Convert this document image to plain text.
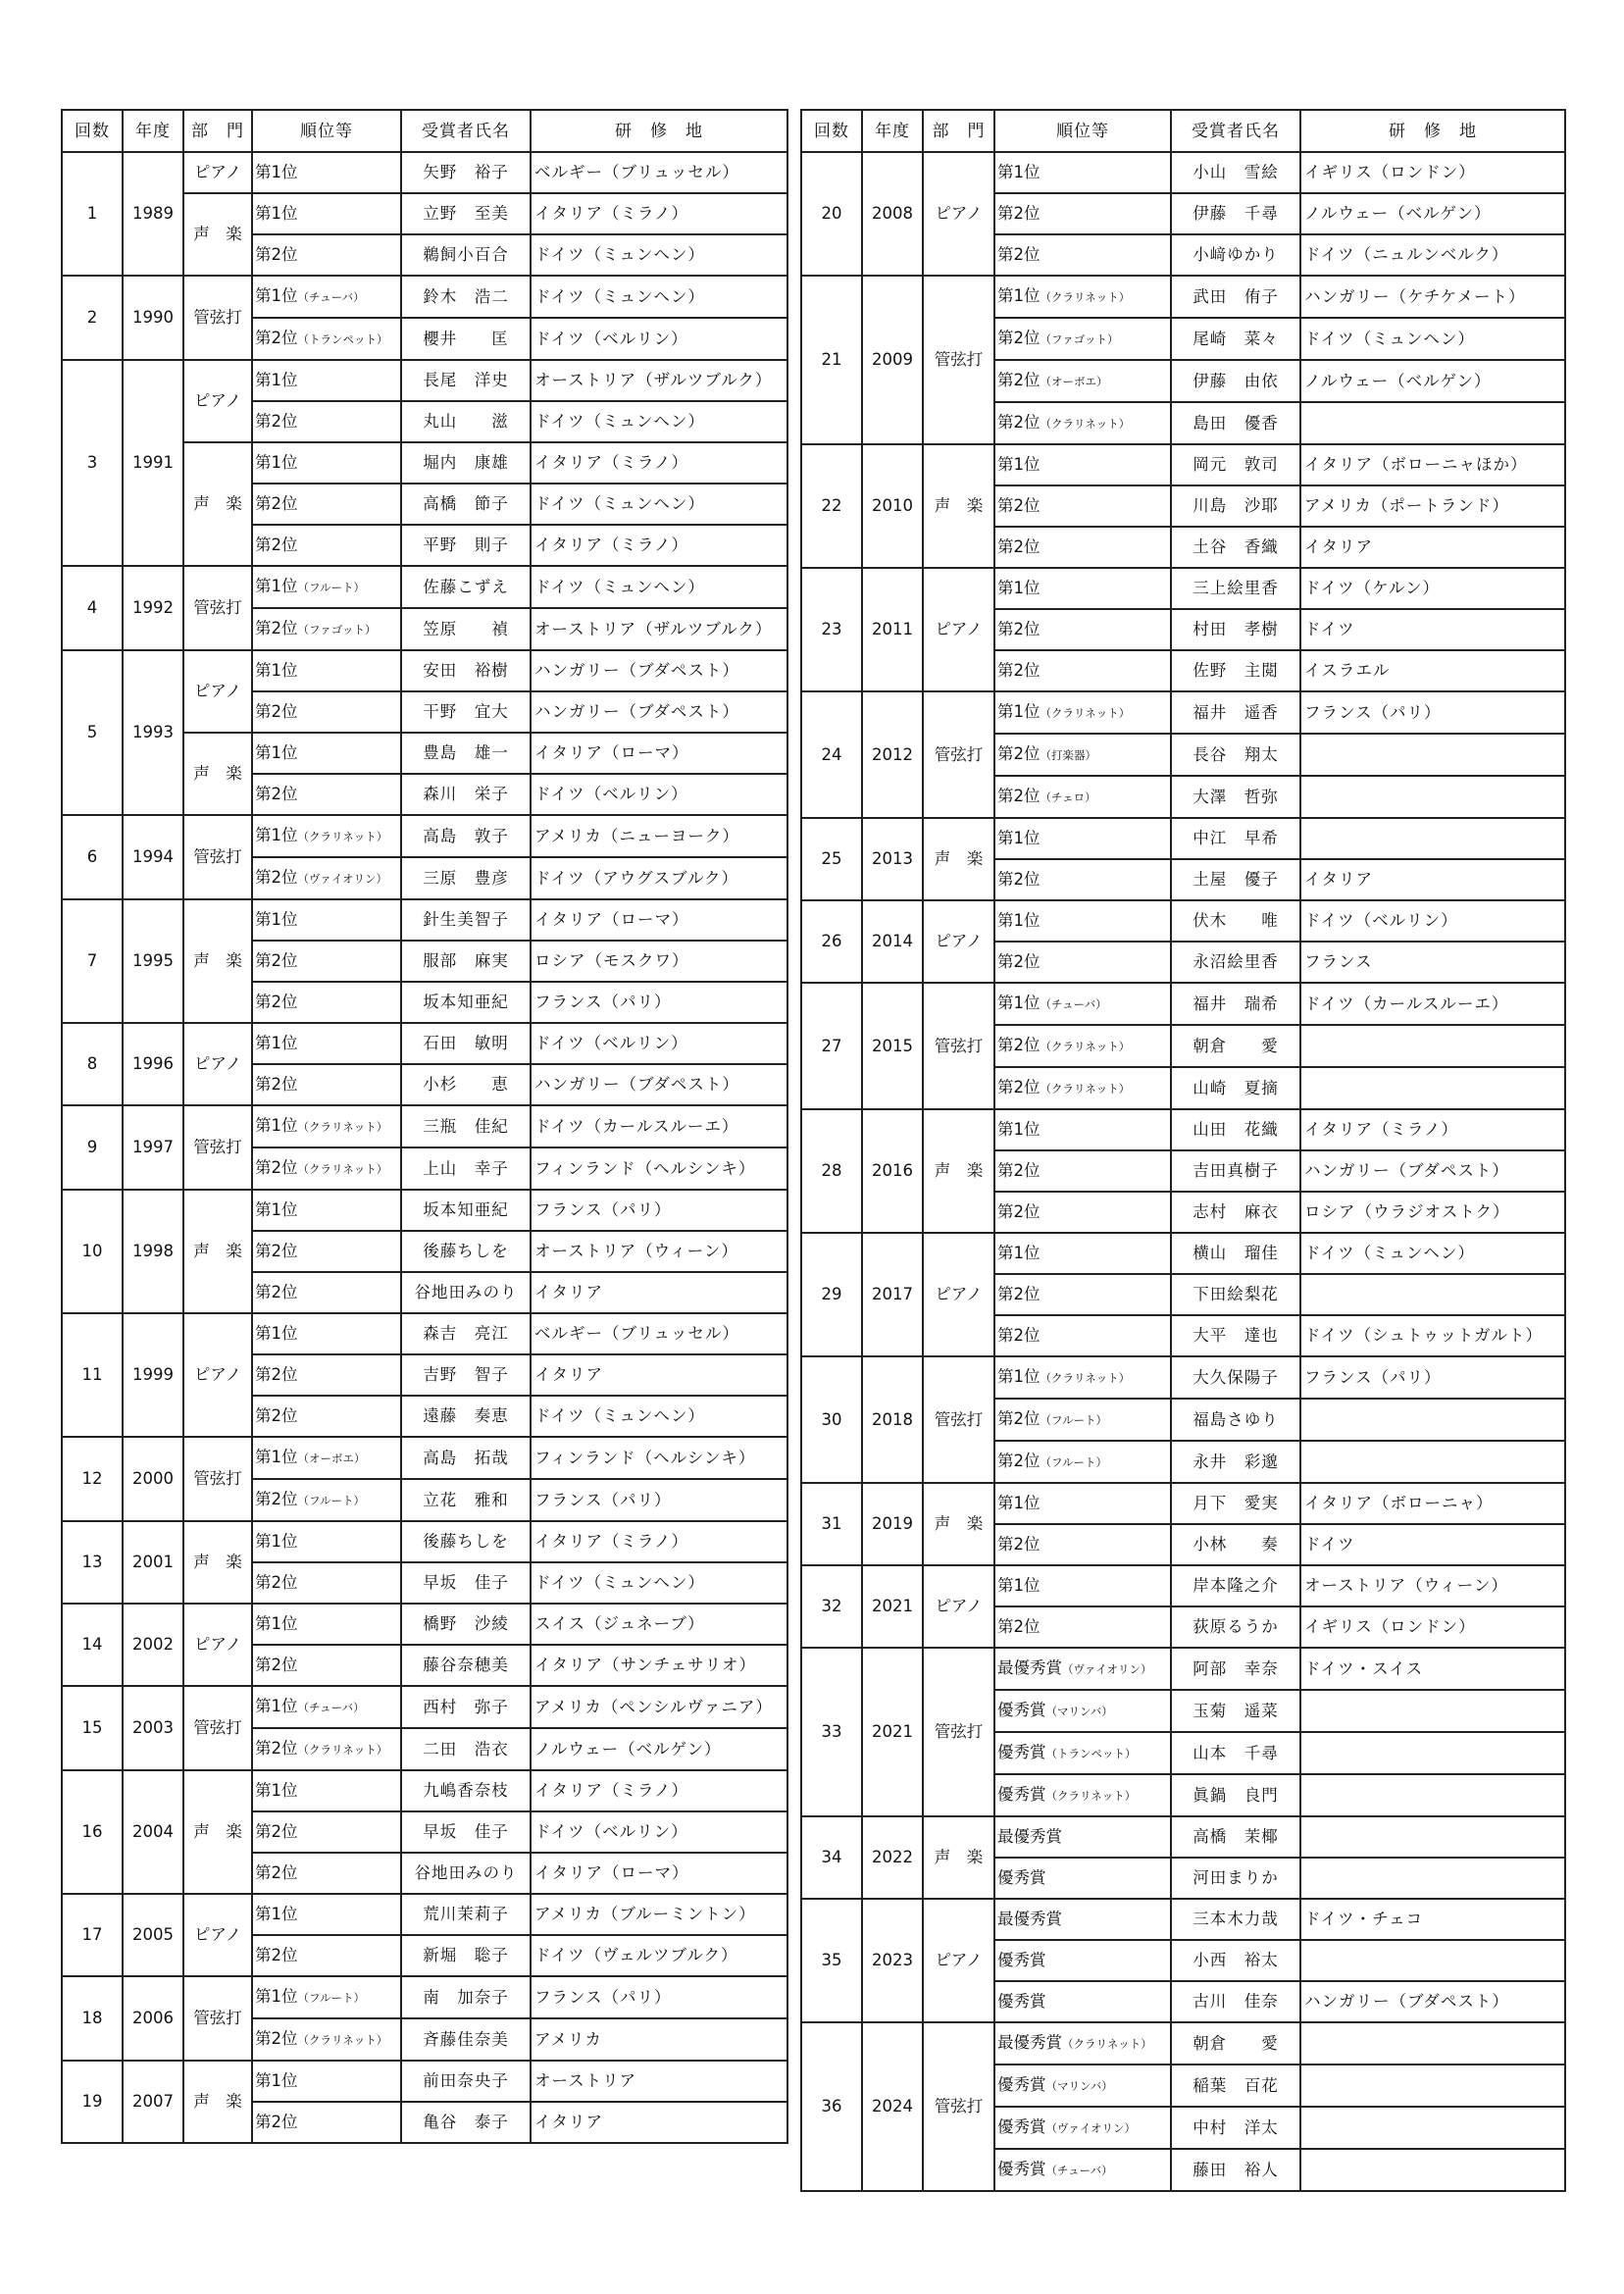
回数	年度	部　門	順位等	受賞者氏名	研　修　地
1	1989	ピアノ	第1位	矢野　裕子	ベルギー（ブリュッセル）
		声　楽	第1位	立野　至美	イタリア（ミラノ）
			第2位	鵜飼小百合	ドイツ（ミュンヘン）
2	1990	管弦打	第1位（チューバ）	鈴木　浩二	ドイツ（ミュンヘン）
			第2位（トランペット）	櫻井　　匡	ドイツ（ベルリン）
3	1991	ピアノ	第1位	長尾　洋史	オーストリア（ザルツブルク）
			第2位	丸山　　滋	ドイツ（ミュンヘン）
		声　楽	第1位	堀内　康雄	イタリア（ミラノ）
			第2位	高橋　節子	ドイツ（ミュンヘン）
			第2位	平野　則子	イタリア（ミラノ）
4	1992	管弦打	第1位（フルート）	佐藤こずえ	ドイツ（ミュンヘン）
			第2位（ファゴット）	笠原　　禎	オーストリア（ザルツブルク）
5	1993	ピアノ	第1位	安田　裕樹	ハンガリー（ブダペスト）
			第2位	干野　宜大	ハンガリー（ブダペスト）
		声　楽	第1位	豊島　雄一	イタリア（ローマ）
			第2位	森川　栄子	ドイツ（ベルリン）
6	1994	管弦打	第1位（クラリネット）	高島　敦子	アメリカ（ニューヨーク）
			第2位（ヴァイオリン）	三原　豊彦	ドイツ（アウグスブルク）
7	1995	声　楽	第1位	針生美智子	イタリア（ローマ）
			第2位	服部　麻実	ロシア（モスクワ）
			第2位	坂本知亜紀	フランス（パリ）
8	1996	ピアノ	第1位	石田　敏明	ドイツ（ベルリン）
			第2位	小杉　　恵	ハンガリー（ブダペスト）
9	1997	管弦打	第1位（クラリネット）	三瓶　佳紀	ドイツ（カールスルーエ）
			第2位（クラリネット）	上山　幸子	フィンランド（ヘルシンキ）
10	1998	声　楽	第1位	坂本知亜紀	フランス（パリ）
			第2位	後藤ちしを	オーストリア（ウィーン）
			第2位	谷地田みのり	イタリア
11	1999	ピアノ	第1位	森吉　亮江	ベルギー（ブリュッセル）
			第2位	吉野　智子	イタリア
			第2位	遠藤　奏恵	ドイツ（ミュンヘン）
12	2000	管弦打	第1位（オーボエ）	高島　拓哉	フィンランド（ヘルシンキ）
			第2位（フルート）	立花　雅和	フランス（パリ）
13	2001	声　楽	第1位	後藤ちしを	イタリア（ミラノ）
			第2位	早坂　佳子	ドイツ（ミュンヘン）
14	2002	ピアノ	第1位	橋野　沙綾	スイス（ジュネーブ）
			第2位	藤谷奈穂美	イタリア（サンチェサリオ）
15	2003	管弦打	第1位（チューバ）	西村　弥子	アメリカ（ペンシルヴァニア）
			第2位（クラリネット）	二田　浩衣	ノルウェー（ベルゲン）
16	2004	声　楽	第1位	九嶋香奈枝	イタリア（ミラノ）
			第2位	早坂　佳子	ドイツ（ベルリン）
			第2位	谷地田みのり	イタリア（ローマ）
17	2005	ピアノ	第1位	荒川茉莉子	アメリカ（ブルーミントン）
			第2位	新堀　聡子	ドイツ（ヴェルツブルク）
18	2006	管弦打	第1位（フルート）	南　加奈子	フランス（パリ）
			第2位（クラリネット）	斉藤佳奈美	アメリカ
19	2007	声　楽	第1位	前田奈央子	オーストリア
			第2位	亀谷　泰子	イタリア
回数	年度	部　門	順位等	受賞者氏名	研　修　地
20	2008	ピアノ	第1位	小山　雪絵	イギリス（ロンドン）
			第2位	伊藤　千尋	ノルウェー（ベルゲン）
			第2位	小﨑ゆかり	ドイツ（ニュルンベルク）
21	2009	管弦打	第1位（クラリネット）	武田　侑子	ハンガリー（ケチケメート）
			第2位（ファゴット）	尾崎　菜々	ドイツ（ミュンヘン）
			第2位（オーボエ）	伊藤　由依	ノルウェー（ベルゲン）
			第2位（クラリネット）	島田　優香	
22	2010	声　楽	第1位	岡元　敦司	イタリア（ボローニャほか）
			第2位	川島　沙耶	アメリカ（ポートランド）
			第2位	土谷　香織	イタリア
23	2011	ピアノ	第1位	三上絵里香	ドイツ（ケルン）
			第2位	村田　孝樹	ドイツ
			第2位	佐野　主閲	イスラエル
24	2012	管弦打	第1位（クラリネット）	福井　遥香	フランス（パリ）
			第2位（打楽器）	長谷　翔太	
			第2位（チェロ）	大澤　哲弥	
25	2013	声　楽	第1位	中江　早希	
			第2位	土屋　優子	イタリア
26	2014	ピアノ	第1位	伏木　　唯	ドイツ（ベルリン）
			第2位	永沼絵里香	フランス
27	2015	管弦打	第1位（チューバ）	福井　瑞希	ドイツ（カールスルーエ）
			第2位（クラリネット）	朝倉　　愛	
			第2位（クラリネット）	山崎　夏摘	
28	2016	声　楽	第1位	山田　花織	イタリア（ミラノ）
			第2位	吉田真樹子	ハンガリー（ブダペスト）
			第2位	志村　麻衣	ロシア（ウラジオストク）
29	2017	ピアノ	第1位	横山　瑠佳	ドイツ（ミュンヘン）
			第2位	下田絵梨花	
			第2位	大平　達也	ドイツ（シュトゥットガルト）
30	2018	管弦打	第1位（クラリネット）	大久保陽子	フランス（パリ）
			第2位（フルート）	福島さゆり	
			第2位（フルート）	永井　彩邈	
31	2019	声　楽	第1位	月下　愛実	イタリア（ボローニャ）
			第2位	小林　　奏	ドイツ
32	2021	ピアノ	第1位	岸本隆之介	オーストリア（ウィーン）
			第2位	荻原るうか	イギリス（ロンドン）
33	2021	管弦打	最優秀賞（ヴァイオリン）	阿部　幸奈	ドイツ・スイス
			優秀賞（マリンバ）	玉菊　遥菜	
			優秀賞（トランペット）	山本　千尋	
			優秀賞（クラリネット）	眞鍋　良門	
34	2022	声　楽	最優秀賞	高橋　茉椰	
			優秀賞	河田まりか	
35	2023	ピアノ	最優秀賞	三本木力哉	ドイツ・チェコ
			優秀賞	小西　裕太	
			優秀賞	古川　佳奈	ハンガリー（ブダペスト）
36	2024	管弦打	最優秀賞（クラリネット）	朝倉　　愛	
			優秀賞（マリンバ）	稲葉　百花	
			優秀賞（ヴァイオリン）	中村　洋太	
			優秀賞（チューバ）	藤田　裕人	
